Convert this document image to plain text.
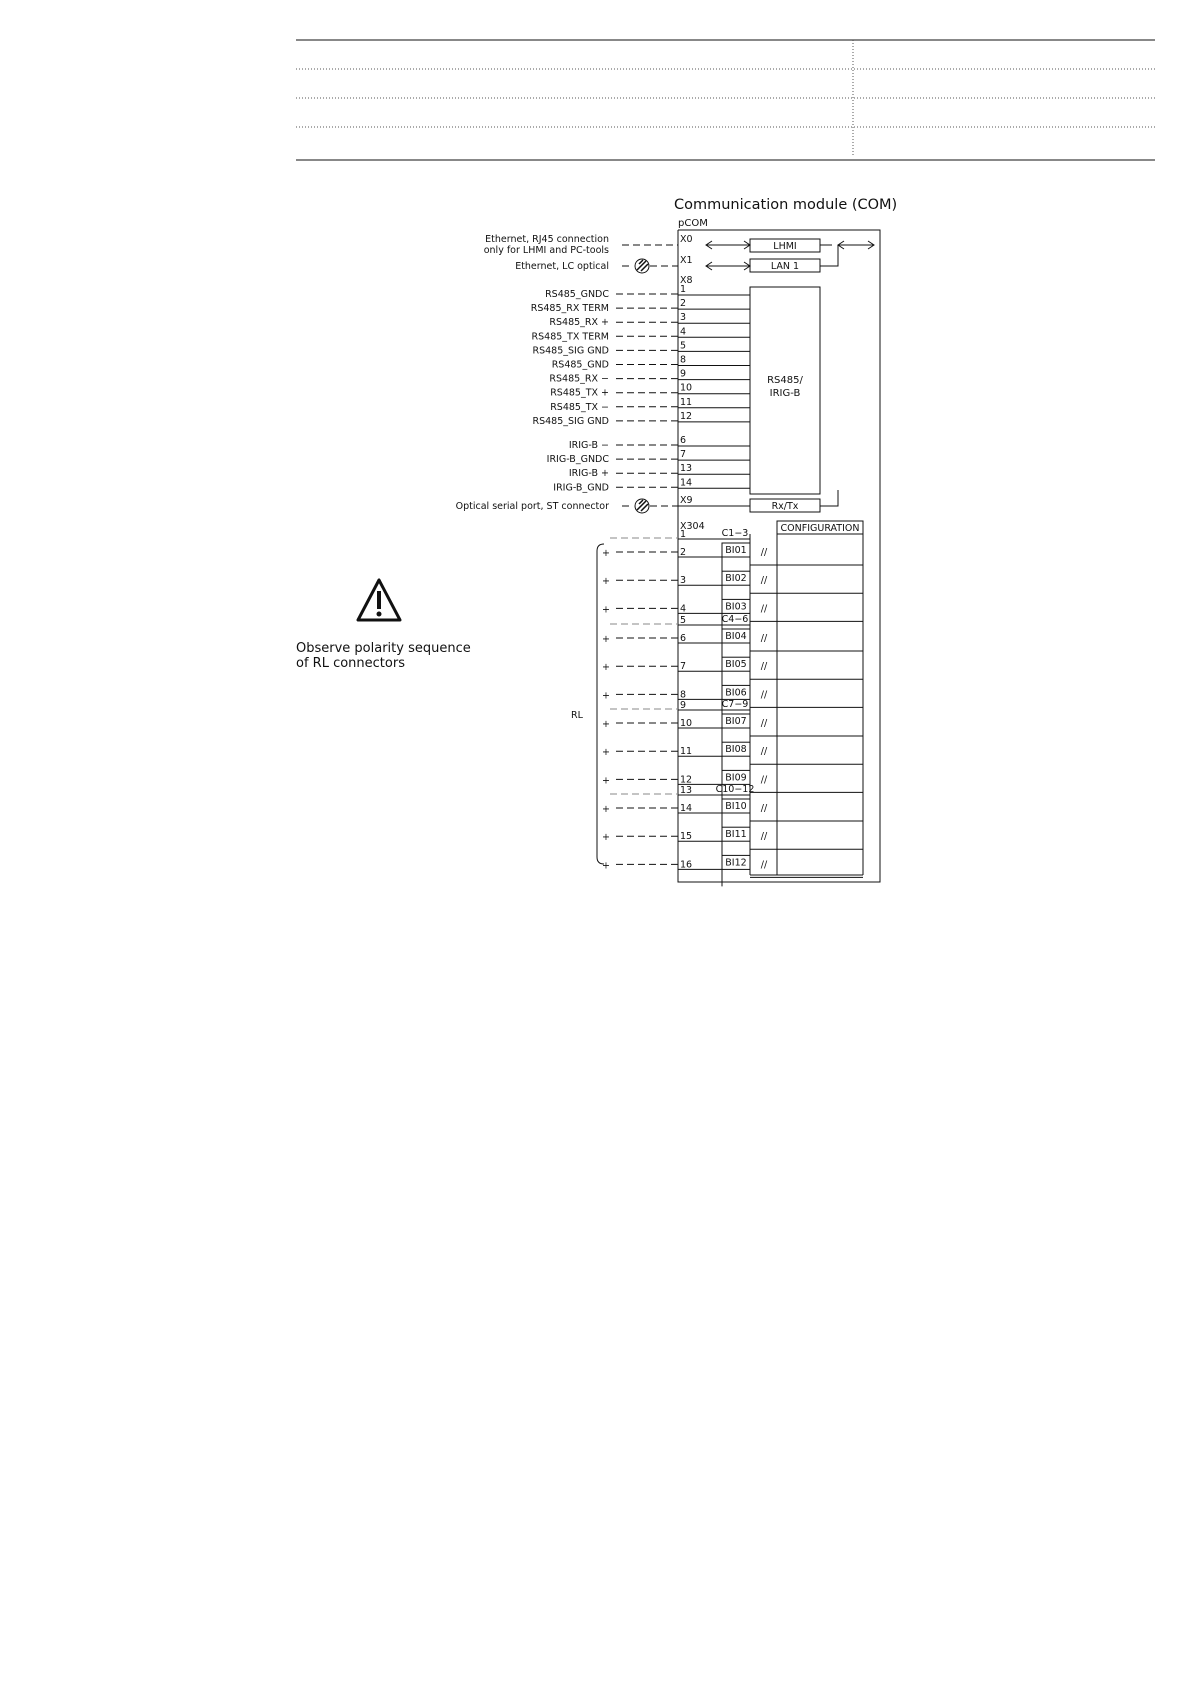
Communication module (COM)
pCOM
Ethernet, RJ45 connection
only for LHMI and PC-tools
X0
LHMI
Ethernet, LC optical
X1
LAN 1
X8
RS485_GNDC	1
RS485_RX TERM	2
RS485_RX +	3
RS485_TX TERM	4
RS485_SIG GND	5
RS485_GND	8
RS485_RX −	9
RS485_TX +	10
RS485_TX −	11
RS485_SIG GND	12
IRIG-B −	6
IRIG-B_GNDC	7
IRIG-B +	13
IRIG-B_GND	14
RS485/
IRIG-B
Optical serial port, ST connector
X9
Rx/Tx
X304	CONFIGURATION
1	C1−3
5	C4−6
9	C7−9
13 C10−12
+	2	BI01 //
+	3	BI02 //
+	4	BI03 //
+	6	BI04 //
+	7	BI05 //
+	8	BI06 //
+	10	BI07 //
+	11	BI08 //
+	12	BI09 //
+	14	BI10 //
+	15	BI11 //
+	16	BI12 //
RL
Observe polarity sequence
of RL connectors
